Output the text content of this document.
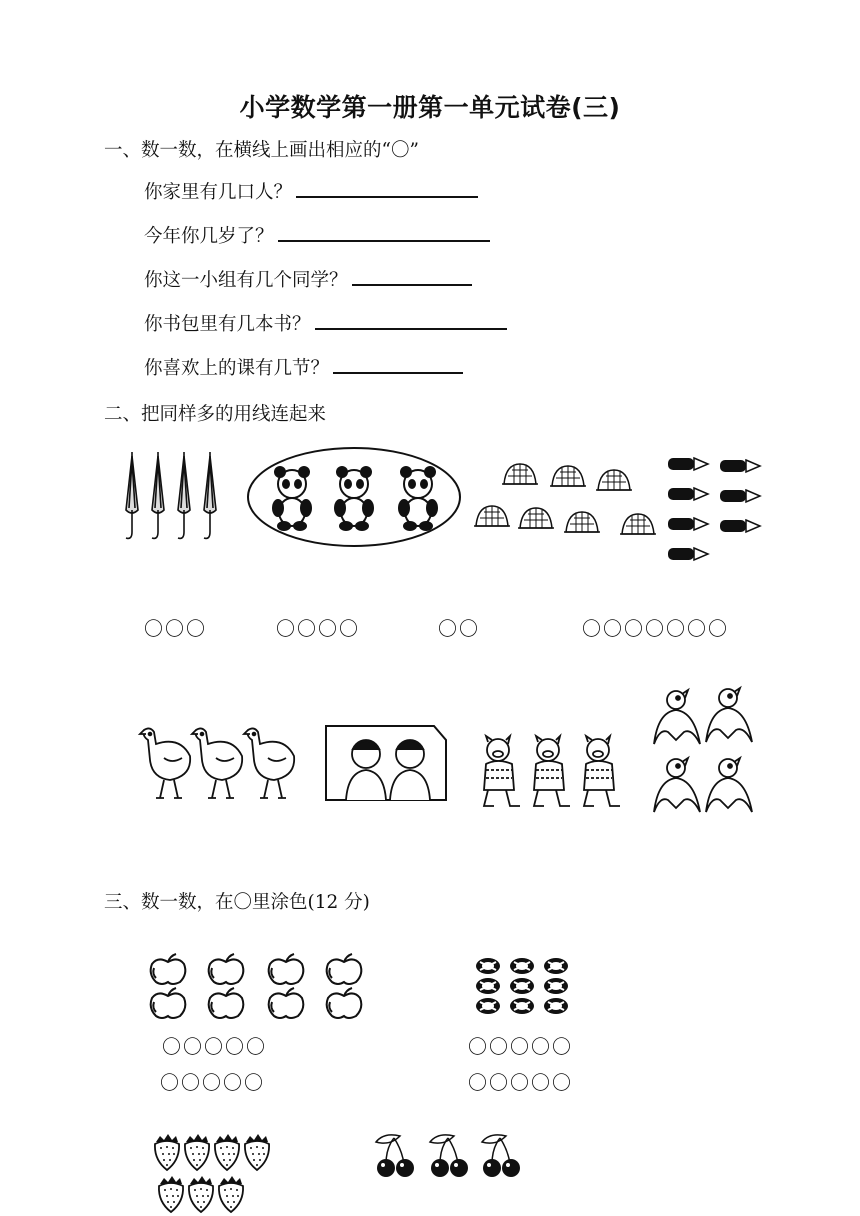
小学数学第一册第一单元试卷(三)
一、数一数，在横线上画出相应的“〇”
你家里有几口人？
今年你几岁了？
你这一小组有几个同学？
你书包里有几本书？
你喜欢上的课有几节？
二、把同样多的用线连起来
〇〇〇	〇〇〇〇	〇〇	〇〇〇〇〇〇〇
三、数一数，在〇里涂色(12 分)
〇〇〇〇〇
〇〇〇〇〇
〇〇〇〇〇
〇〇〇〇〇
